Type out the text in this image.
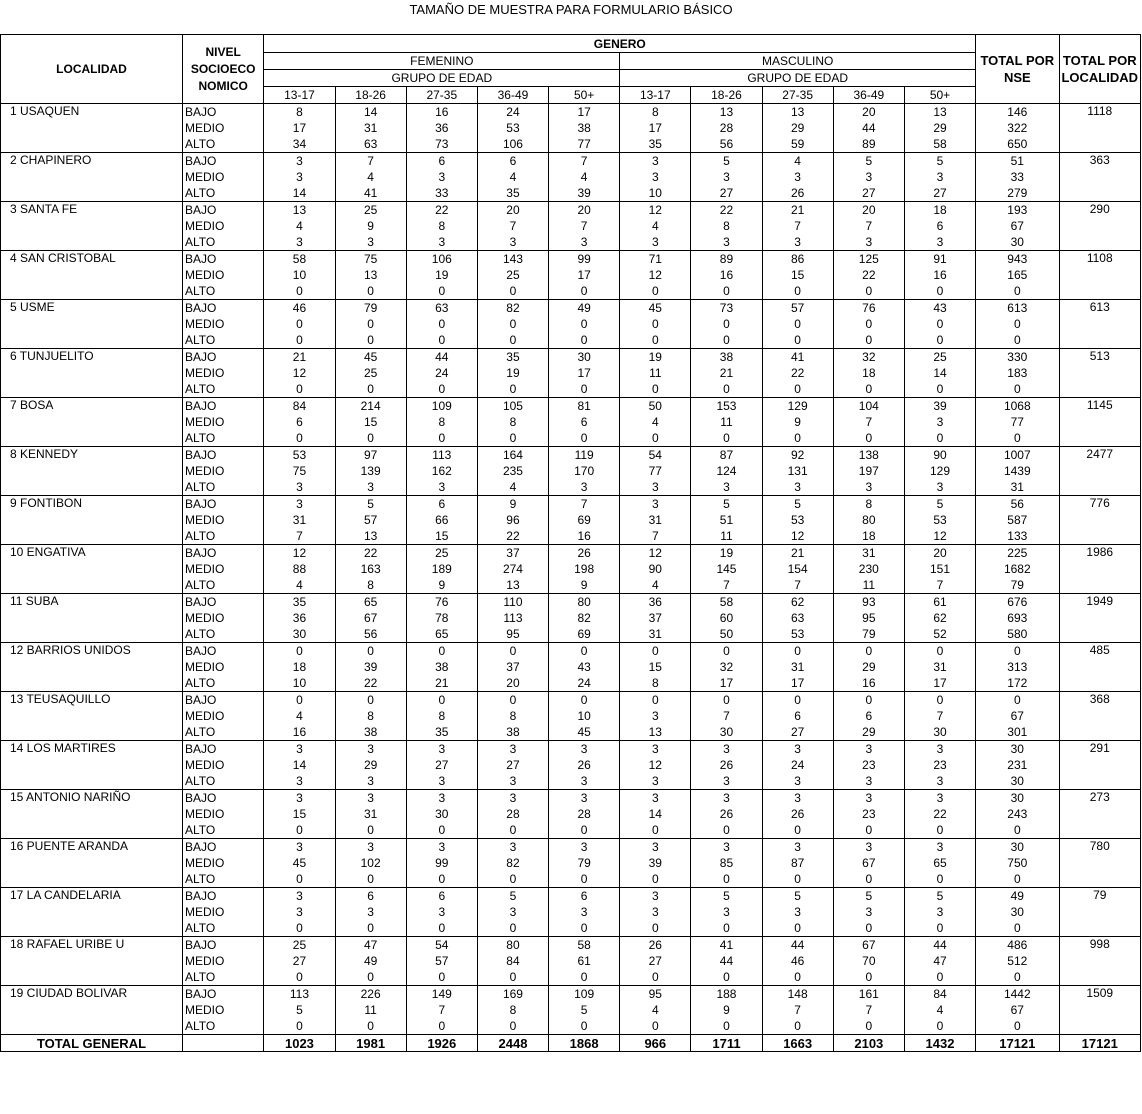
TAMAÑO DE MUESTRA PARA FORMULARIO BÁSICO
LOCALIDAD	NIVEL SOCIOECO NOMICO	GENERO										TOTAL POR NSE	TOTAL POR LOCALIDAD
		FEMENINO					MASCULINO						
		GRUPO DE EDAD					GRUPO DE EDAD						
		13-17	18-26	27-35	36-49	50+	13-17	18-26	27-35	36-49	50+		
1 USAQUEN	BAJO	8	14	16	24	17	8	13	13	20	13	146	1118
	MEDIO	17	31	36	53	38	17	28	29	44	29	322	
	ALTO	34	63	73	106	77	35	56	59	89	58	650	
2 CHAPINERO	BAJO	3	7	6	6	7	3	5	4	5	5	51	363
	MEDIO	3	4	3	4	4	3	3	3	3	3	33	
	ALTO	14	41	33	35	39	10	27	26	27	27	279	
3 SANTA FE	BAJO	13	25	22	20	20	12	22	21	20	18	193	290
	MEDIO	4	9	8	7	7	4	8	7	7	6	67	
	ALTO	3	3	3	3	3	3	3	3	3	3	30	
4 SAN CRISTOBAL	BAJO	58	75	106	143	99	71	89	86	125	91	943	1108
	MEDIO	10	13	19	25	17	12	16	15	22	16	165	
	ALTO	0	0	0	0	0	0	0	0	0	0	0	
5 USME	BAJO	46	79	63	82	49	45	73	57	76	43	613	613
	MEDIO	0	0	0	0	0	0	0	0	0	0	0	
	ALTO	0	0	0	0	0	0	0	0	0	0	0	
6 TUNJUELITO	BAJO	21	45	44	35	30	19	38	41	32	25	330	513
	MEDIO	12	25	24	19	17	11	21	22	18	14	183	
	ALTO	0	0	0	0	0	0	0	0	0	0	0	
7 BOSA	BAJO	84	214	109	105	81	50	153	129	104	39	1068	1145
	MEDIO	6	15	8	8	6	4	11	9	7	3	77	
	ALTO	0	0	0	0	0	0	0	0	0	0	0	
8 KENNEDY	BAJO	53	97	113	164	119	54	87	92	138	90	1007	2477
	MEDIO	75	139	162	235	170	77	124	131	197	129	1439	
	ALTO	3	3	3	4	3	3	3	3	3	3	31	
9 FONTIBON	BAJO	3	5	6	9	7	3	5	5	8	5	56	776
	MEDIO	31	57	66	96	69	31	51	53	80	53	587	
	ALTO	7	13	15	22	16	7	11	12	18	12	133	
10 ENGATIVA	BAJO	12	22	25	37	26	12	19	21	31	20	225	1986
	MEDIO	88	163	189	274	198	90	145	154	230	151	1682	
	ALTO	4	8	9	13	9	4	7	7	11	7	79	
11 SUBA	BAJO	35	65	76	110	80	36	58	62	93	61	676	1949
	MEDIO	36	67	78	113	82	37	60	63	95	62	693	
	ALTO	30	56	65	95	69	31	50	53	79	52	580	
12 BARRIOS UNIDOS	BAJO	0	0	0	0	0	0	0	0	0	0	0	485
	MEDIO	18	39	38	37	43	15	32	31	29	31	313	
	ALTO	10	22	21	20	24	8	17	17	16	17	172	
13 TEUSAQUILLO	BAJO	0	0	0	0	0	0	0	0	0	0	0	368
	MEDIO	4	8	8	8	10	3	7	6	6	7	67	
	ALTO	16	38	35	38	45	13	30	27	29	30	301	
14 LOS MARTIRES	BAJO	3	3	3	3	3	3	3	3	3	3	30	291
	MEDIO	14	29	27	27	26	12	26	24	23	23	231	
	ALTO	3	3	3	3	3	3	3	3	3	3	30	
15 ANTONIO NARIÑO	BAJO	3	3	3	3	3	3	3	3	3	3	30	273
	MEDIO	15	31	30	28	28	14	26	26	23	22	243	
	ALTO	0	0	0	0	0	0	0	0	0	0	0	
16 PUENTE ARANDA	BAJO	3	3	3	3	3	3	3	3	3	3	30	780
	MEDIO	45	102	99	82	79	39	85	87	67	65	750	
	ALTO	0	0	0	0	0	0	0	0	0	0	0	
17 LA CANDELARIA	BAJO	3	6	6	5	6	3	5	5	5	5	49	79
	MEDIO	3	3	3	3	3	3	3	3	3	3	30	
	ALTO	0	0	0	0	0	0	0	0	0	0	0	
18 RAFAEL URIBE U	BAJO	25	47	54	80	58	26	41	44	67	44	486	998
	MEDIO	27	49	57	84	61	27	44	46	70	47	512	
	ALTO	0	0	0	0	0	0	0	0	0	0	0	
19 CIUDAD BOLIVAR	BAJO	113	226	149	169	109	95	188	148	161	84	1442	1509
	MEDIO	5	11	7	8	5	4	9	7	7	4	67	
	ALTO	0	0	0	0	0	0	0	0	0	0	0	
TOTAL GENERAL		1023	1981	1926	2448	1868	966	1711	1663	2103	1432	17121	17121
